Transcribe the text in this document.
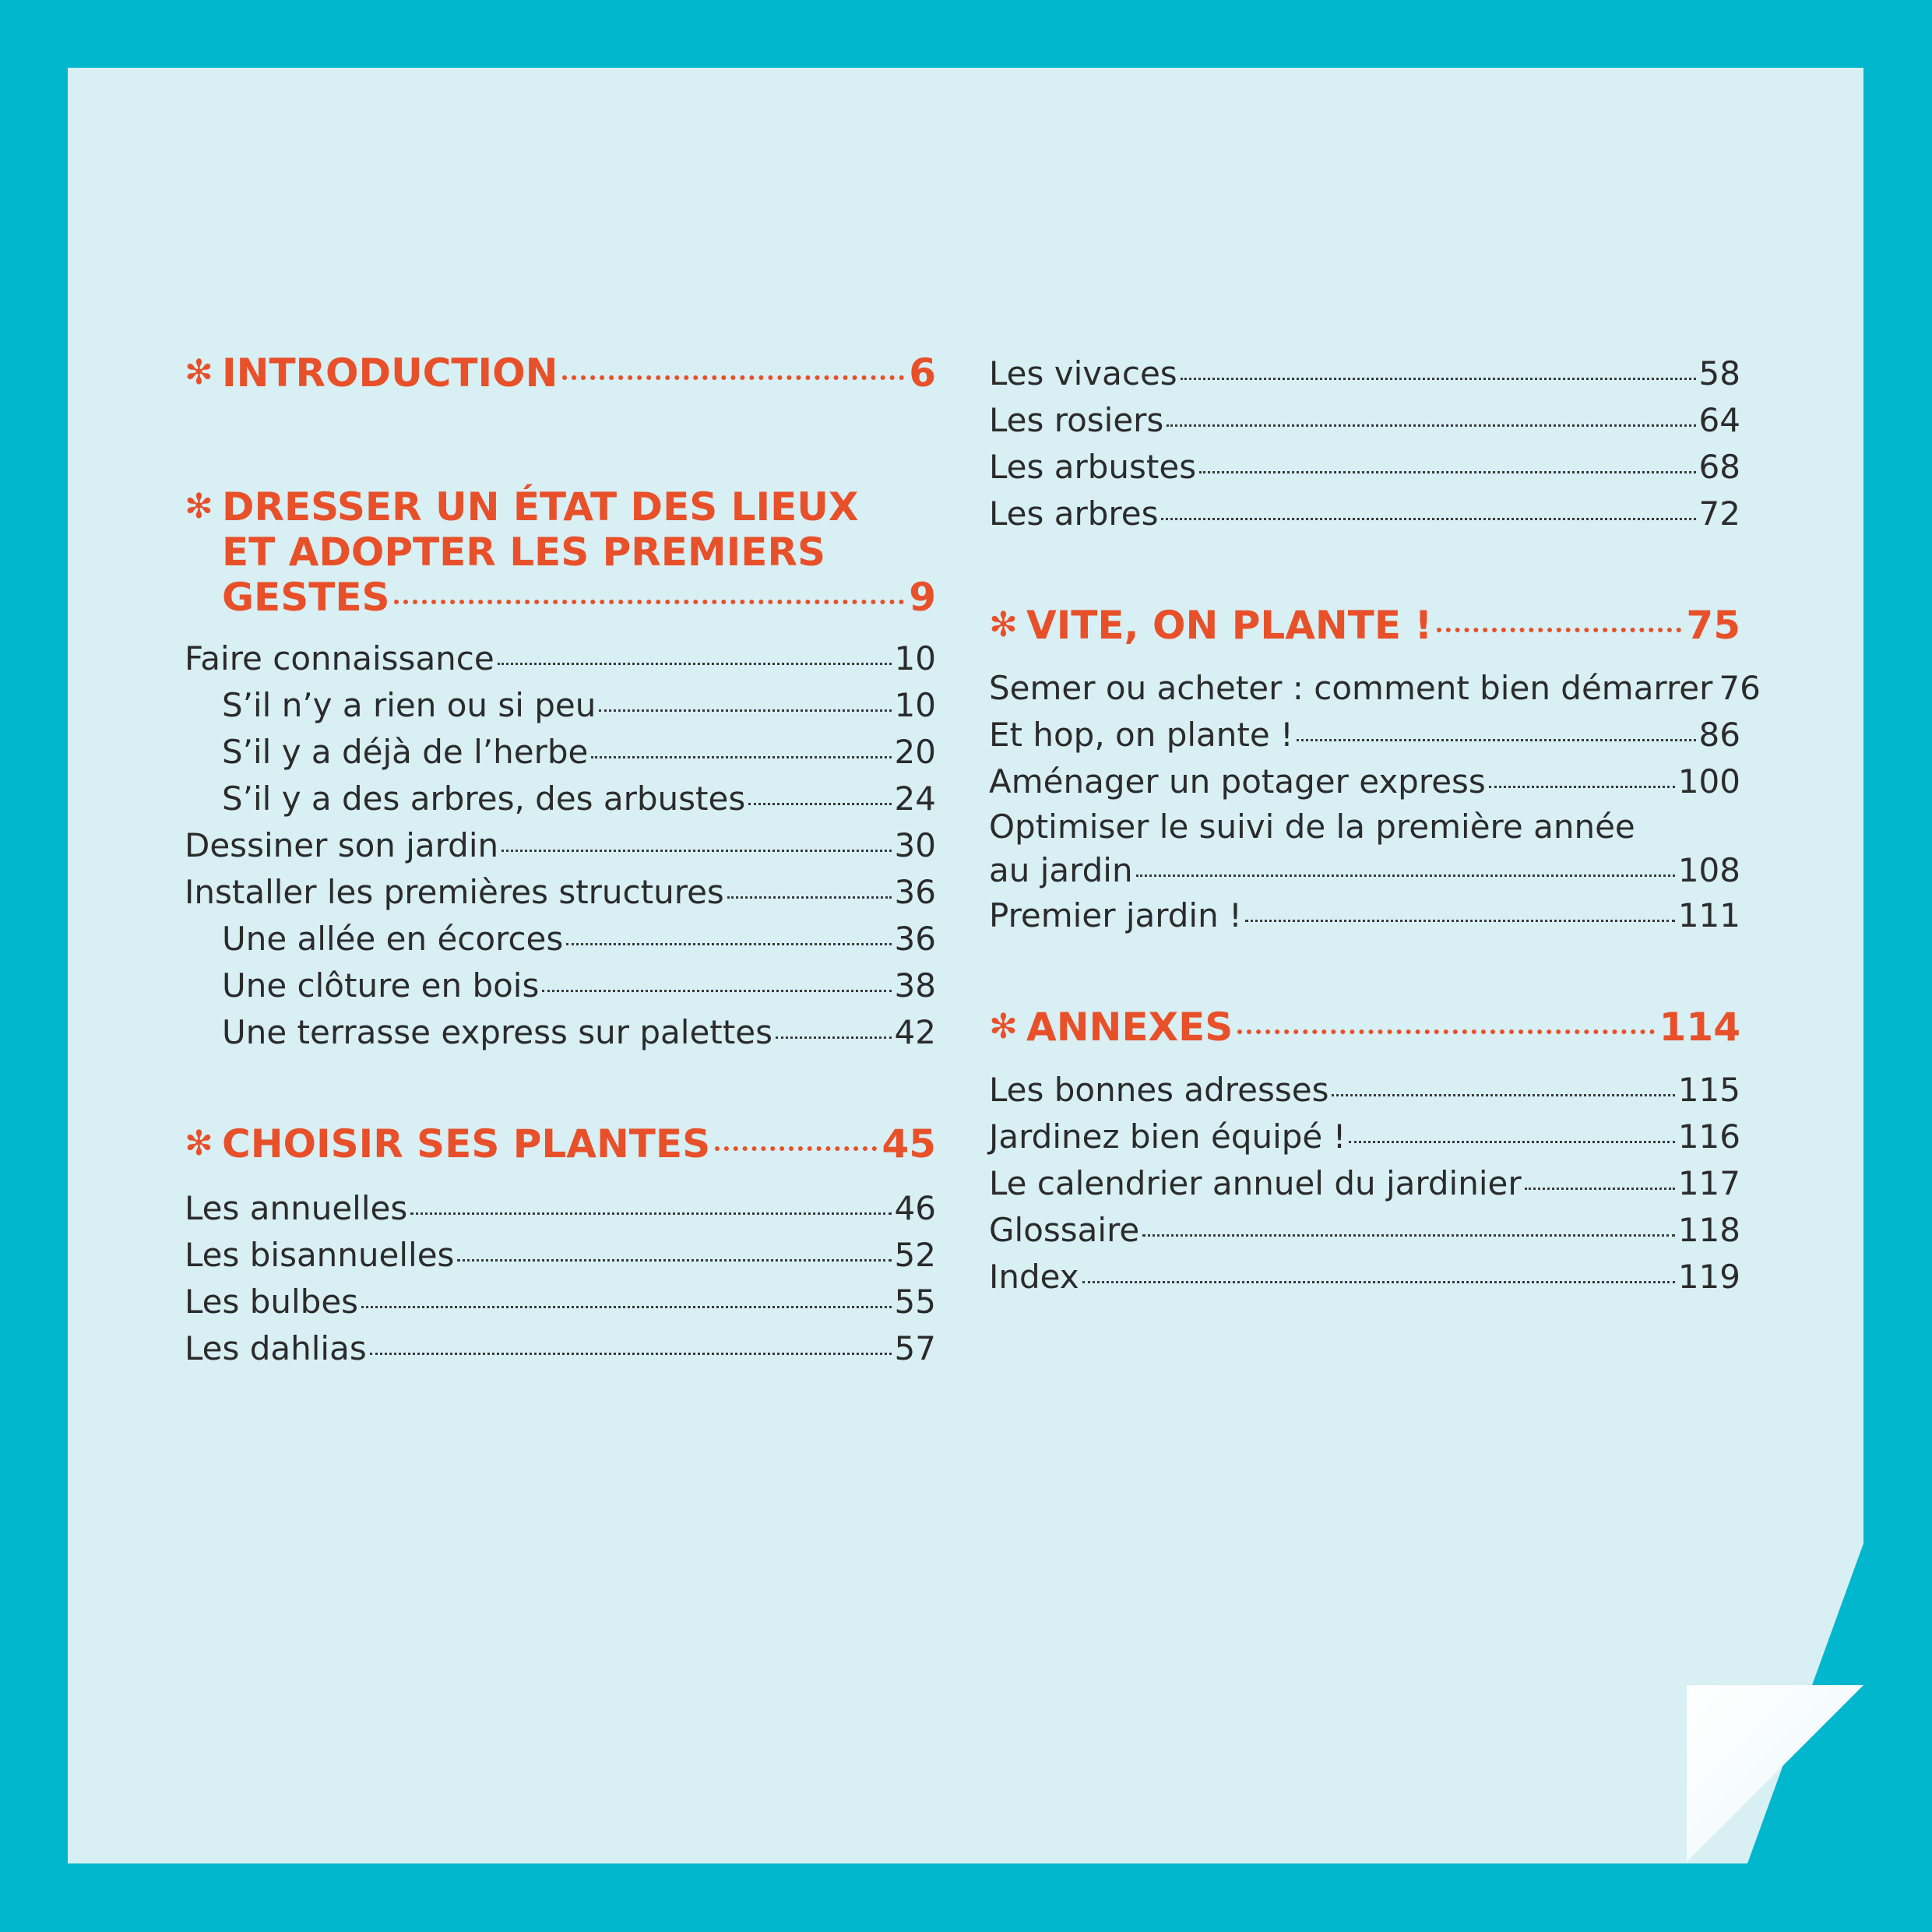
✻ INTRODUCTION	6
✻ DRESSER UN ÉTAT DES LIEUX
ET ADOPTER LES PREMIERS
GESTES	9
Faire connaissance	10
S’il n’y a rien ou si peu	10
S’il y a déjà de l’herbe	20
S’il y a des arbres, des arbustes	24
Dessiner son jardin	30
Installer les premières structures	36
Une allée en écorces	36
Une clôture en bois	38
Une terrasse express sur palettes	42
✻ CHOISIR SES PLANTES	45
Les annuelles	46
Les bisannuelles	52
Les bulbes	55
Les dahlias	57
Les vivaces	58
Les rosiers	64
Les arbustes	68
Les arbres	72
✻ VITE, ON PLANTE !	75
Semer ou acheter : comment bien démarrer 76
Et hop, on plante !	86
Aménager un potager express	100
Optimiser le suivi de la première année
au jardin	108
Premier jardin !	111
✻ ANNEXES	114
Les bonnes adresses	115
Jardinez bien équipé !	116
Le calendrier annuel du jardinier	117
Glossaire	118
Index	119
